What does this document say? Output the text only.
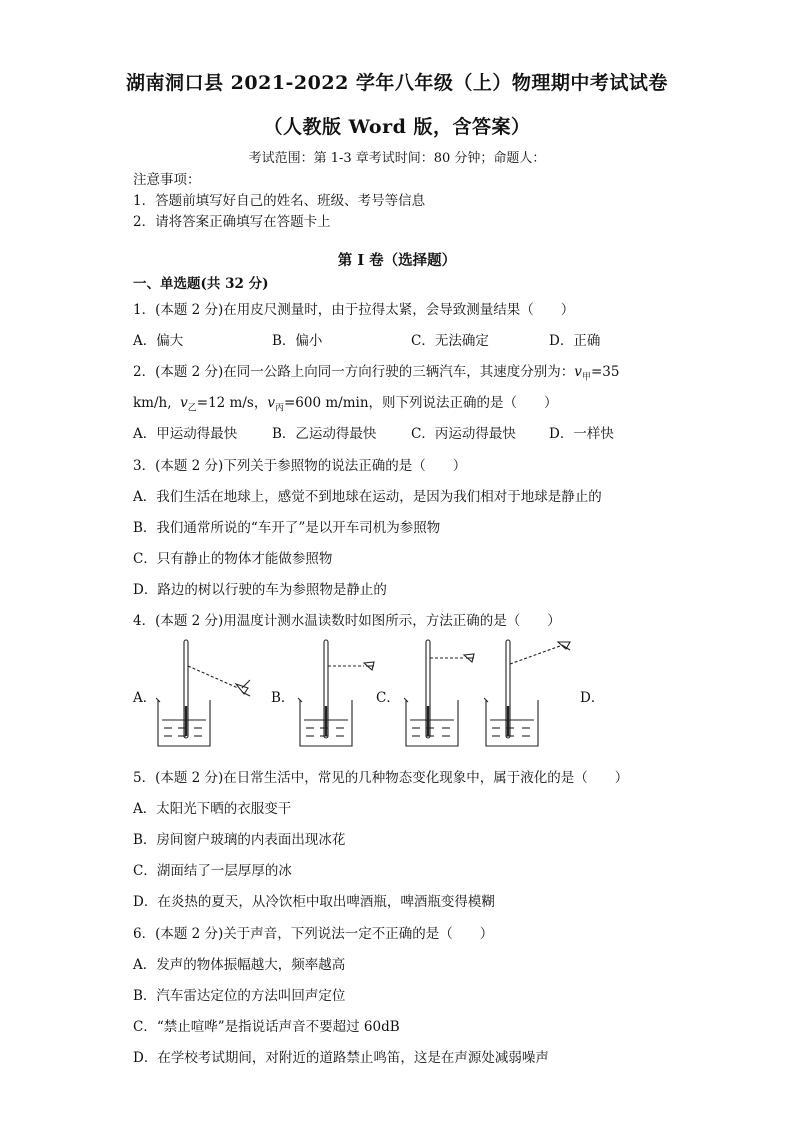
湖南洞口县 2021-2022 学年八年级（上）物理期中考试试卷
（人教版 Word 版，含答案）
考试范围：第 1-3 章考试时间：80 分钟；命题人：
注意事项：
1．答题前填写好自己的姓名、班级、考号等信息
2．请将答案正确填写在答题卡上
第 I 卷（选择题）
一、单选题(共 32 分)
1．(本题 2 分)在用皮尺测量时，由于拉得太紧，会导致测量结果（　　）
A．偏大	B．偏小	C．无法确定	D．正确
2．(本题 2 分)在同一公路上向同一方向行驶的三辆汽车，其速度分别为：$v_甲=35$
km/h, $v_乙=12$ m/s，$v_丙=600$ m/min，则下列说法正确的是（　　）
A．甲运动得最快	B．乙运动得最快	C．丙运动得最快 D．一样快
3．(本题 2 分)下列关于参照物的说法正确的是（　　）
A．我们生活在地球上，感觉不到地球在运动，是因为我们相对于地球是静止的
B．我们通常所说的“车开了”是以开车司机为参照物
C．只有静止的物体才能做参照物
D．路边的树以行驶的车为参照物是静止的
4．(本题 2 分)用温度计测水温读数时如图所示，方法正确的是（　　）
A．	B．	C．	D．
5．(本题 2 分)在日常生活中，常见的几种物态变化现象中，属于液化的是（　　）
A．太阳光下晒的衣服变干
B．房间窗户玻璃的内表面出现冰花
C．湖面结了一层厚厚的冰
D．在炎热的夏天，从冷饮柜中取出啤酒瓶，啤酒瓶变得模糊
6．(本题 2 分)关于声音，下列说法一定不正确的是（　　）
A．发声的物体振幅越大，频率越高
B．汽车雷达定位的方法叫回声定位
C．“禁止喧哗”是指说话声音不要超过 60dB
D．在学校考试期间，对附近的道路禁止鸣笛，这是在声源处减弱噪声
